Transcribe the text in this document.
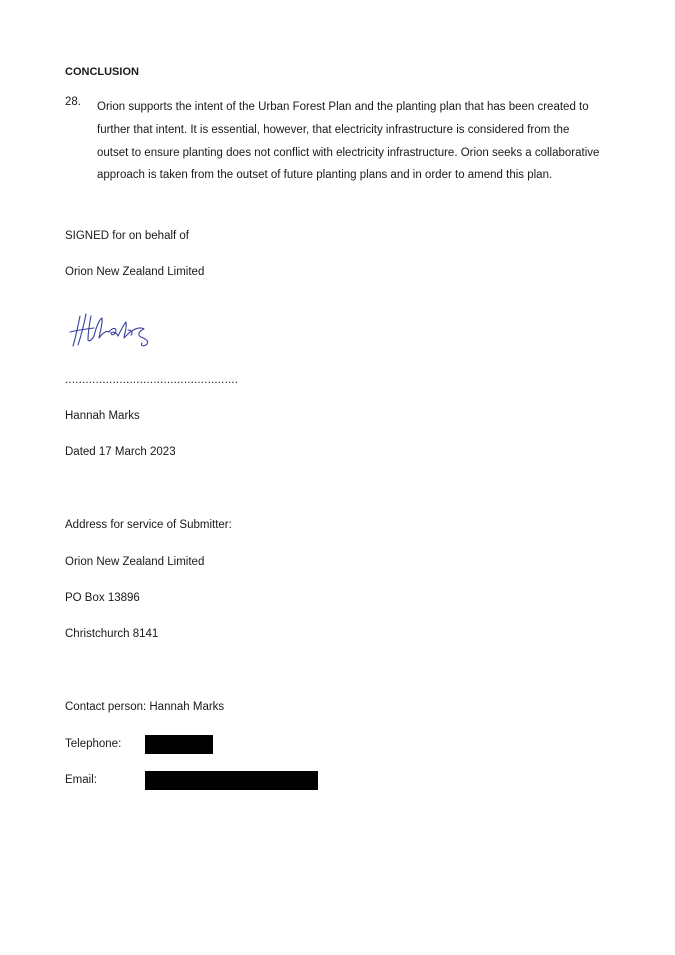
CONCLUSION
28. Orion supports the intent of the Urban Forest Plan and the planting plan that has been created to
further that intent. It is essential, however, that electricity infrastructure is considered from the
outset to ensure planting does not conflict with electricity infrastructure. Orion seeks a collaborative
approach is taken from the outset of future planting plans and in order to amend this plan.
SIGNED for on behalf of
Orion New Zealand Limited
...................................................
Hannah Marks
Dated 17 March 2023
Address for service of Submitter:
Orion New Zealand Limited
PO Box 13896
Christchurch 8141
Contact person: Hannah Marks
Telephone:
Email:
